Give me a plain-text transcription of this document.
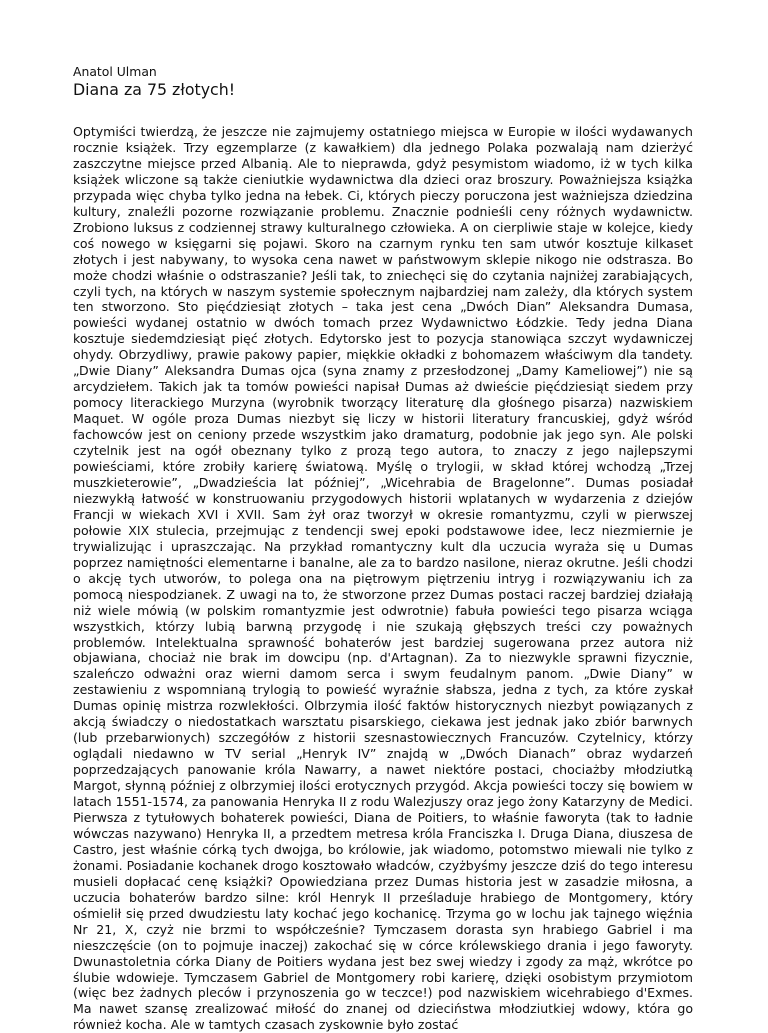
Anatol Ulman

Diana za 75 złotych!

Optymiści twierdzą, że jeszcze nie zajmujemy ostatniego miejsca w Europie w ilości wydawanych rocznie książek. Trzy egzemplarze (z kawałkiem) dla jednego Polaka pozwalają nam dzierżyć zaszczytne miejsce przed Albanią. Ale to nieprawda, gdyż pesymistom wiadomo, iż w tych kilka książek wliczone są także cieniutkie wydawnictwa dla dzieci oraz broszury. Poważniejsza książka przypada więc chyba tylko jedna na łebek. Ci, których pieczy poruczona jest ważniejsza dziedzina kultury, znaleźli pozorne rozwiązanie problemu. Znacznie podnieśli ceny różnych wydawnictw. Zrobiono luksus z codziennej strawy kulturalnego człowieka. A on cierpliwie staje w kolejce, kiedy coś nowego w księgarni się pojawi. Skoro na czarnym rynku ten sam utwór kosztuje kilkaset złotych i jest nabywany, to wysoka cena nawet w państwowym sklepie nikogo nie odstrasza. Bo może chodzi właśnie o odstraszanie? Jeśli tak, to zniechęci się do czytania najniżej zarabiających, czyli tych, na których w naszym systemie społecznym najbardziej nam zależy, dla których system ten stworzono. Sto pięćdziesiąt złotych – taka jest cena „Dwóch Dian” Aleksandra Dumasa, powieści wydanej ostatnio w dwóch tomach przez Wydawnictwo Łódzkie. Tedy jedna Diana kosztuje siedemdziesiąt pięć złotych. Edytorsko jest to pozycja stanowiąca szczyt wydawniczej ohydy. Obrzydliwy, prawie pakowy papier, miękkie okładki z bohomazem właściwym dla tandety. „Dwie Diany” Aleksandra Dumas ojca (syna znamy z przesłodzonej „Damy Kameliowej”) nie są arcydziełem. Takich jak ta tomów powieści napisał Dumas aż dwieście pięćdziesiąt siedem przy pomocy literackiego Murzyna (wyrobnik tworzący literaturę dla głośnego pisarza) nazwiskiem Maquet. W ogóle proza Dumas niezbyt się liczy w historii literatury francuskiej, gdyż wśród fachowców jest on ceniony przede wszystkim jako dramaturg, podobnie jak jego syn. Ale polski czytelnik jest na ogół obeznany tylko z prozą tego autora, to znaczy z jego najlepszymi powieściami, które zrobiły karierę światową. Myślę o trylogii, w skład której wchodzą „Trzej muszkieterowie”, „Dwadzieścia lat później”, „Wicehrabia de Bragelonne”. Dumas posiadał niezwykłą łatwość w konstruowaniu przygodowych historii wplatanych w wydarzenia z dziejów Francji w wiekach XVI i XVII. Sam żył oraz tworzył w okresie romantyzmu, czyli w pierwszej połowie XIX stulecia, przejmując z tendencji swej epoki podstawowe idee, lecz niezmiernie je trywializując i upraszczając. Na przykład romantyczny kult dla uczucia wyraża się u Dumas poprzez namiętności elementarne i banalne, ale za to bardzo nasilone, nieraz okrutne. Jeśli chodzi o akcję tych utworów, to polega ona na piętrowym piętrzeniu intryg i rozwiązywaniu ich za pomocą niespodzianek. Z uwagi na to, że stworzone przez Dumas postaci raczej bardziej działają niż wiele mówią (w polskim romantyzmie jest odwrotnie) fabuła powieści tego pisarza wciąga wszystkich, którzy lubią barwną przygodę i nie szukają głębszych treści czy poważnych problemów. Intelektualna sprawność bohaterów jest bardziej sugerowana przez autora niż objawiana, chociaż nie brak im dowcipu (np. d'Artagnan). Za to niezwykle sprawni fizycznie, szaleńczo odważni oraz wierni damom serca i swym feudalnym panom. „Dwie Diany” w zestawieniu z wspomnianą trylogią to powieść wyraźnie słabsza, jedna z tych, za które zyskał Dumas opinię mistrza rozwlekłości. Olbrzymia ilość faktów historycznych niezbyt powiązanych z akcją świadczy o niedostatkach warsztatu pisarskiego, ciekawa jest jednak jako zbiór barwnych (lub przebarwionych) szczegółów z historii szesnastowiecznych Francuzów. Czytelnicy, którzy oglądali niedawno w TV serial „Henryk IV” znajdą w „Dwóch Dianach” obraz wydarzeń poprzedzających panowanie króla Nawarry, a nawet niektóre postaci, chociażby młodziutką Margot, słynną później z olbrzymiej ilości erotycznych przygód. Akcja powieści toczy się bowiem w latach 1551-1574, za panowania Henryka II z rodu Walezjuszy oraz jego żony Katarzyny de Medici. Pierwsza z tytułowych bohaterek powieści, Diana de Poitiers, to właśnie faworyta (tak to ładnie wówczas nazywano) Henryka II, a przedtem metresa króla Franciszka I. Druga Diana, diuszesa de Castro, jest właśnie córką tych dwojga, bo królowie, jak wiadomo, potomstwo miewali nie tylko z żonami. Posiadanie kochanek drogo kosztowało władców, czyżbyśmy jeszcze dziś do tego interesu musieli dopłacać cenę książki? Opowiedziana przez Dumas historia jest w zasadzie miłosna, a uczucia bohaterów bardzo silne: król Henryk II prześladuje hrabiego de Montgomery, który ośmielił się przed dwudziestu laty kochać jego kochanicę. Trzyma go w lochu jak tajnego więźnia Nr 21, X, czyż nie brzmi to współcześnie? Tymczasem dorasta syn hrabiego Gabriel i ma nieszczęście (on to pojmuje inaczej) zakochać się w córce królewskiego drania i jego faworyty. Dwunastoletnia córka Diany de Poitiers wydana jest bez swej wiedzy i zgody za mąż, wkrótce po ślubie wdowieje. Tymczasem Gabriel de Montgomery robi karierę, dzięki osobistym przymiotom (więc bez żadnych pleców i przynoszenia go w teczce!) pod nazwiskiem wicehrabiego d'Exmes. Ma nawet szansę zrealizować miłość do znanej od dzieciństwa młodziutkiej wdowy, która go również kocha. Ale w tamtych czasach zyskownie było zostać
